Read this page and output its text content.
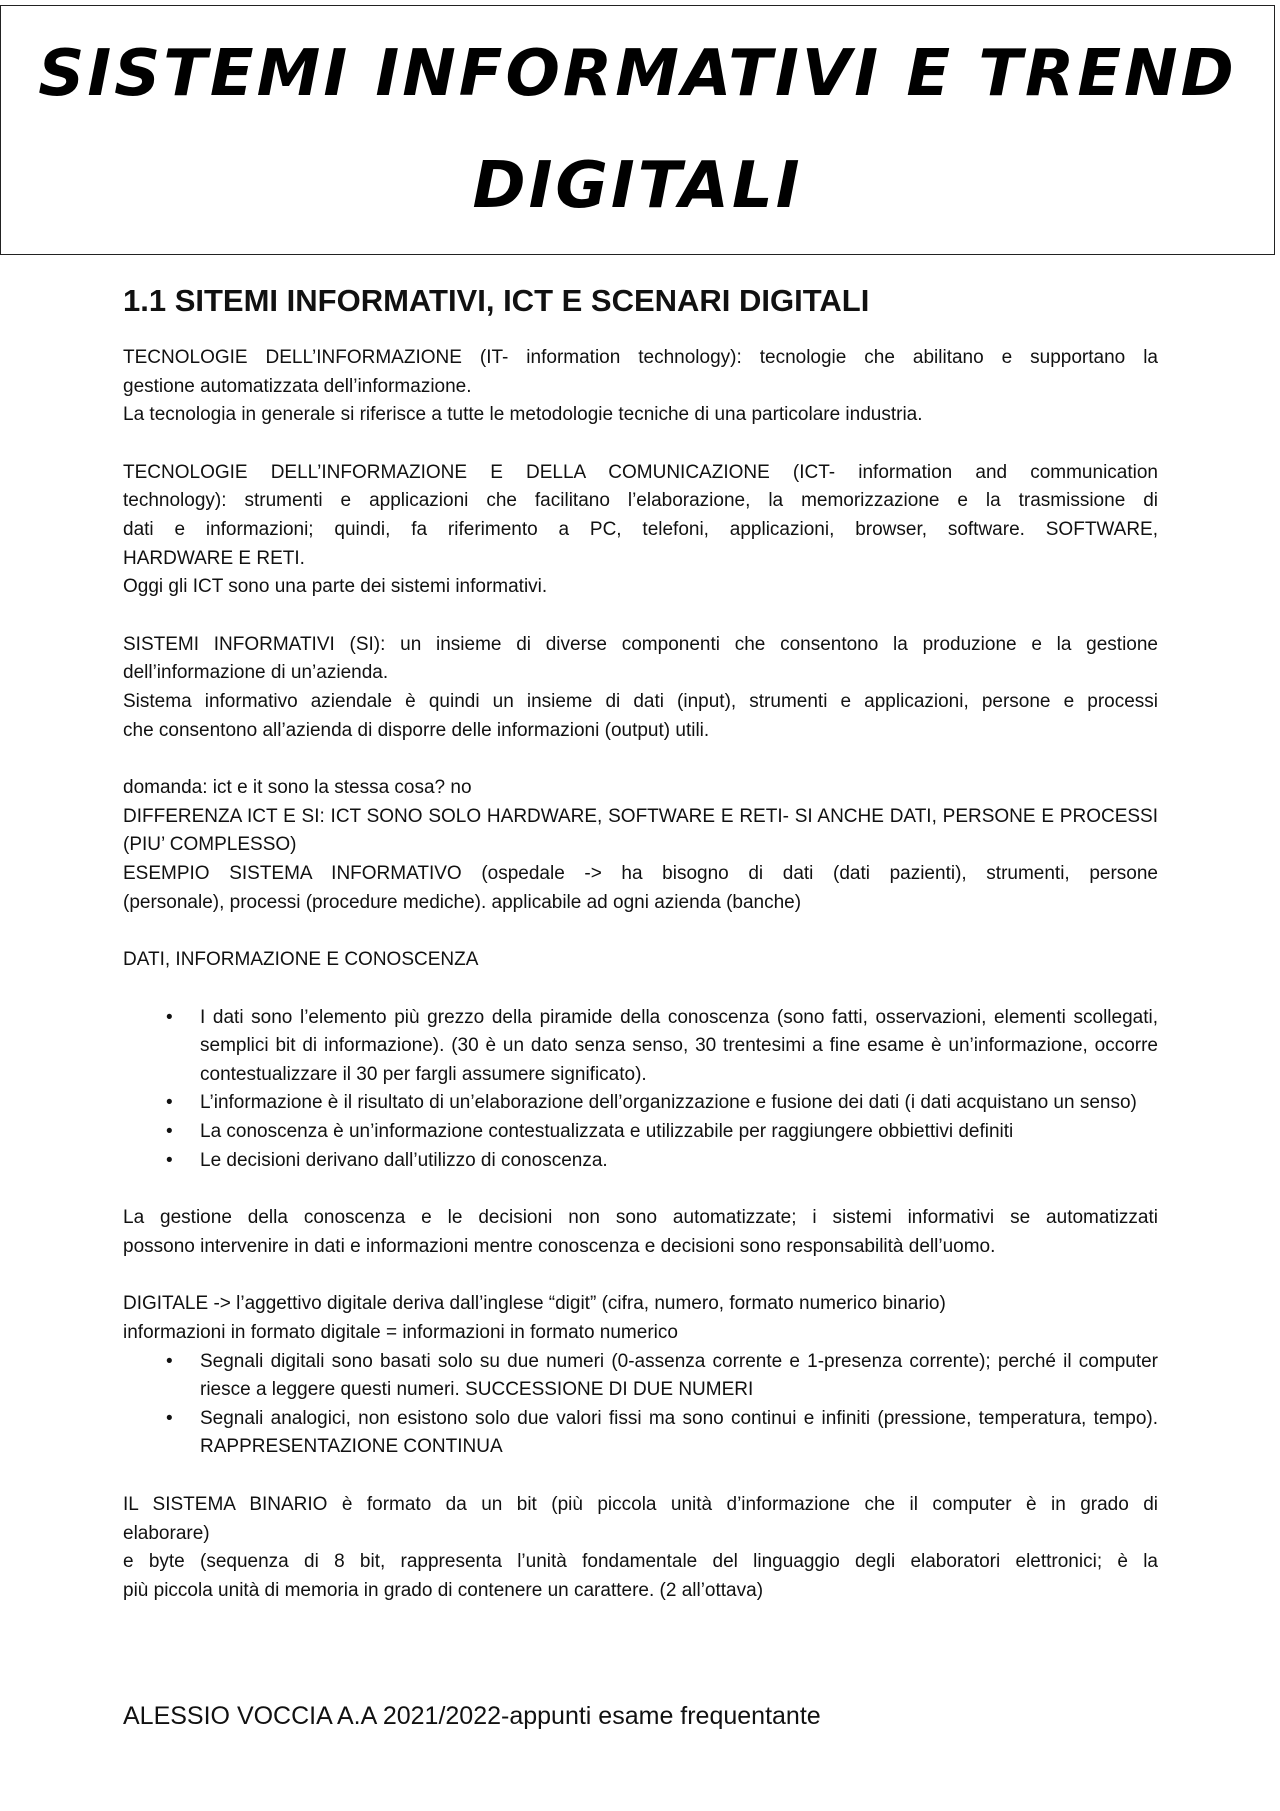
SISTEMI INFORMATIVI E TREND
DIGITALI
1.1 SITEMI INFORMATIVI, ICT E SCENARI DIGITALI
TECNOLOGIE DELL’INFORMAZIONE (IT- information technology): tecnologie che abilitano e supportano la
gestione automatizzata dell’informazione.
La tecnologia in generale si riferisce a tutte le metodologie tecniche di una particolare industria.
TECNOLOGIE DELL’INFORMAZIONE E DELLA COMUNICAZIONE (ICT- information and communication
technology): strumenti e applicazioni che facilitano l’elaborazione, la memorizzazione e la trasmissione di
dati e informazioni; quindi, fa riferimento a PC, telefoni, applicazioni, browser, software. SOFTWARE,
HARDWARE E RETI.
Oggi gli ICT sono una parte dei sistemi informativi.
SISTEMI INFORMATIVI (SI): un insieme di diverse componenti che consentono la produzione e la gestione
dell’informazione di un’azienda.
Sistema informativo aziendale è quindi un insieme di dati (input), strumenti e applicazioni, persone e processi
che consentono all’azienda di disporre delle informazioni (output) utili.
domanda: ict e it sono la stessa cosa? no
DIFFERENZA ICT E SI: ICT SONO SOLO HARDWARE, SOFTWARE E RETI- SI ANCHE DATI, PERSONE E PROCESSI
(PIU’ COMPLESSO)
ESEMPIO SISTEMA INFORMATIVO (ospedale -> ha bisogno di dati (dati pazienti), strumenti, persone
(personale), processi (procedure mediche). applicabile ad ogni azienda (banche)
DATI, INFORMAZIONE E CONOSCENZA
• I dati sono l’elemento più grezzo della piramide della conoscenza (sono fatti, osservazioni, elementi scollegati, semplici bit di informazione). (30 è un dato senza senso, 30 trentesimi a fine esame è un’informazione, occorre contestualizzare il 30 per fargli assumere significato).
• L’informazione è il risultato di un’elaborazione dell’organizzazione e fusione dei dati (i dati acquistano un senso)
• La conoscenza è un’informazione contestualizzata e utilizzabile per raggiungere obbiettivi definiti
• Le decisioni derivano dall’utilizzo di conoscenza.
La gestione della conoscenza e le decisioni non sono automatizzate; i sistemi informativi se automatizzati
possono intervenire in dati e informazioni mentre conoscenza e decisioni sono responsabilità dell’uomo.
DIGITALE -> l’aggettivo digitale deriva dall’inglese “digit” (cifra, numero, formato numerico binario)
informazioni in formato digitale = informazioni in formato numerico
• Segnali digitali sono basati solo su due numeri (0-assenza corrente e 1-presenza corrente); perché il computer riesce a leggere questi numeri. SUCCESSIONE DI DUE NUMERI
• Segnali analogici, non esistono solo due valori fissi ma sono continui e infiniti (pressione, temperatura, tempo). RAPPRESENTAZIONE CONTINUA
IL SISTEMA BINARIO è formato da un bit (più piccola unità d’informazione che il computer è in grado di
elaborare)
e byte (sequenza di 8 bit, rappresenta l’unità fondamentale del linguaggio degli elaboratori elettronici; è la
più piccola unità di memoria in grado di contenere un carattere. (2 all’ottava)
ALESSIO VOCCIA A.A 2021/2022-appunti esame frequentante
